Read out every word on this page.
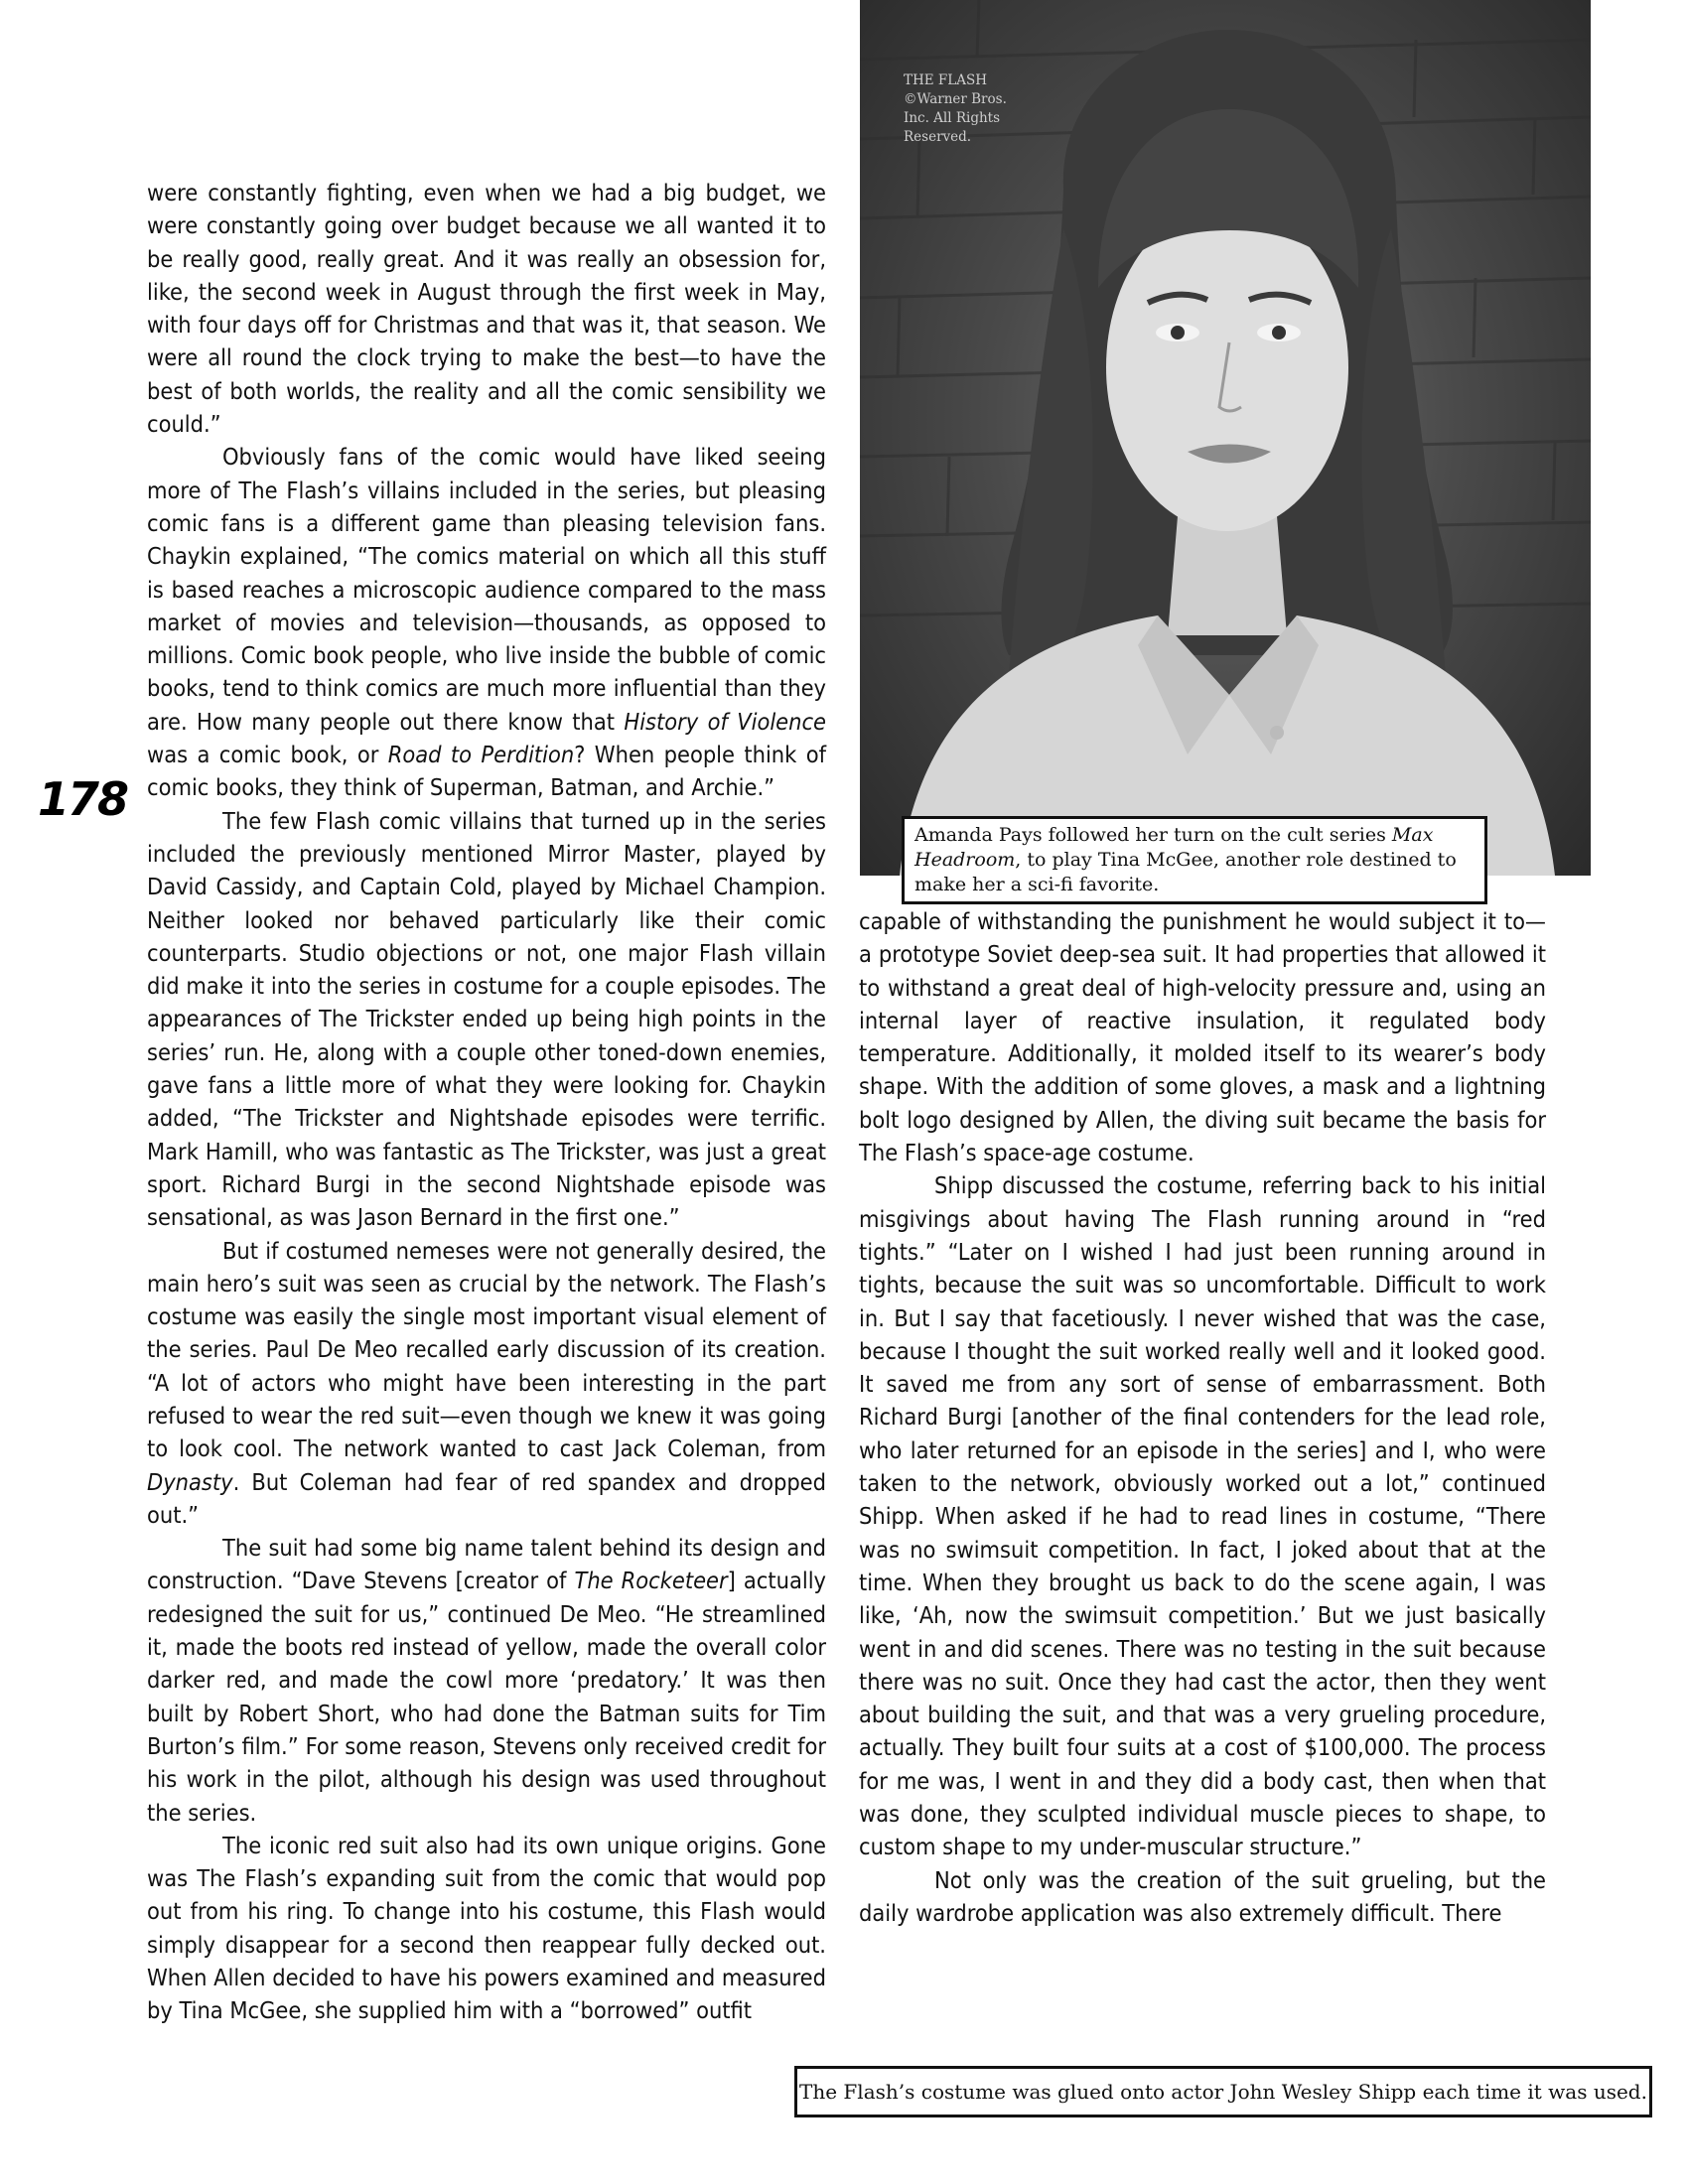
178

were constantly fighting, even when we had a big budget, we were constantly going over budget because we all wanted it to be really good, really great. And it was really an obsession for, like, the second week in August through the first week in May, with four days off for Christmas and that was it, that season. We were all round the clock trying to make the best—to have the best of both worlds, the reality and all the comic sensibility we could.”

Obviously fans of the comic would have liked seeing more of The Flash’s villains included in the series, but pleasing comic fans is a different game than pleasing television fans. Chaykin explained, “The comics material on which all this stuff is based reaches a microscopic audience compared to the mass market of movies and television—thousands, as opposed to millions. Comic book people, who live inside the bubble of comic books, tend to think comics are much more influential than they are. How many people out there know that History of Violence was a comic book, or Road to Perdition? When people think of comic books, they think of Superman, Batman, and Archie.”

The few Flash comic villains that turned up in the series included the previously mentioned Mirror Master, played by David Cassidy, and Captain Cold, played by Michael Champion. Neither looked nor behaved particularly like their comic counterparts. Studio objections or not, one major Flash villain did make it into the series in costume for a couple episodes. The appearances of The Trickster ended up being high points in the series’ run. He, along with a couple other toned-down enemies, gave fans a little more of what they were looking for. Chaykin added, “The Trickster and Nightshade episodes were terrific. Mark Hamill, who was fantastic as The Trickster, was just a great sport. Richard Burgi in the second Nightshade episode was sensational, as was Jason Bernard in the first one.”

But if costumed nemeses were not generally desired, the main hero’s suit was seen as crucial by the network. The Flash’s costume was easily the single most important visual element of the series. Paul De Meo recalled early discussion of its creation. “A lot of actors who might have been interesting in the part refused to wear the red suit—even though we knew it was going to look cool. The network wanted to cast Jack Coleman, from Dynasty. But Coleman had fear of red spandex and dropped out.”

The suit had some big name talent behind its design and construction. “Dave Stevens [creator of The Rocketeer] actually redesigned the suit for us,” continued De Meo. “He streamlined it, made the boots red instead of yellow, made the overall color darker red, and made the cowl more ‘predatory.’ It was then built by Robert Short, who had done the Batman suits for Tim Burton’s film.” For some reason, Stevens only received credit for his work in the pilot, although his design was used throughout the series.

The iconic red suit also had its own unique origins. Gone was The Flash’s expanding suit from the comic that would pop out from his ring. To change into his costume, this Flash would simply disappear for a second then reappear fully decked out. When Allen decided to have his powers examined and measured by Tina McGee, she supplied him with a “borrowed” outfit

THE FLASH
©Warner Bros.
Inc. All Rights
Reserved.
Amanda Pays followed her turn on the cult series Max Headroom, to play Tina McGee, another role destined to make her a sci-fi favorite.

capable of withstanding the punishment he would subject it to—a prototype Soviet deep-sea suit. It had properties that allowed it to withstand a great deal of high-velocity pressure and, using an internal layer of reactive insulation, it regulated body temperature. Additionally, it molded itself to its wearer’s body shape. With the addition of some gloves, a mask and a lightning bolt logo designed by Allen, the diving suit became the basis for The Flash’s space-age costume.

Shipp discussed the costume, referring back to his initial misgivings about having The Flash running around in “red tights.” “Later on I wished I had just been running around in tights, because the suit was so uncomfortable. Difficult to work in. But I say that facetiously. I never wished that was the case, because I thought the suit worked really well and it looked good. It saved me from any sort of sense of embarrassment. Both Richard Burgi [another of the final contenders for the lead role, who later returned for an episode in the series] and I, who were taken to the network, obviously worked out a lot,” continued Shipp. When asked if he had to read lines in costume, “There was no swimsuit competition. In fact, I joked about that at the time. When they brought us back to do the scene again, I was like, ‘Ah, now the swimsuit competition.’ But we just basically went in and did scenes. There was no testing in the suit because there was no suit. Once they had cast the actor, then they went about building the suit, and that was a very grueling procedure, actually. They built four suits at a cost of $100,000. The process for me was, I went in and they did a body cast, then when that was done, they sculpted individual muscle pieces to shape, to custom shape to my under-muscular structure.”

Not only was the creation of the suit grueling, but the daily wardrobe application was also extremely difficult. There

The Flash’s costume was glued onto actor John Wesley Shipp each time it was used.
